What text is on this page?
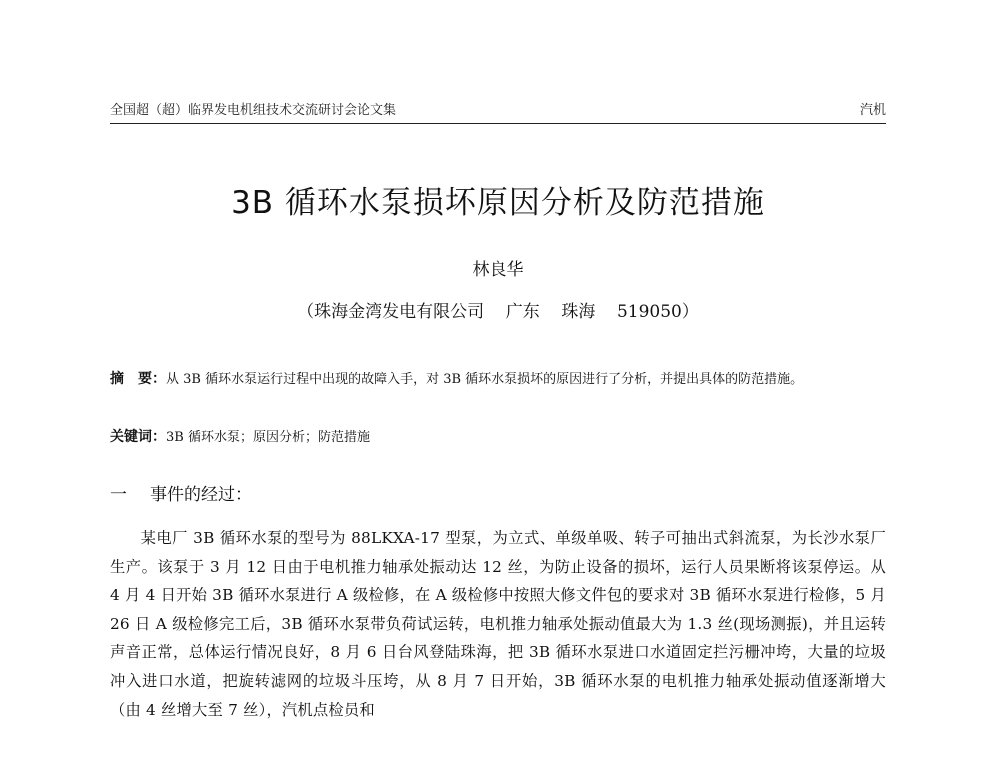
全国超（超）临界发电机组技术交流研讨会论文集	汽机
3B 循环水泵损坏原因分析及防范措施
林良华
（珠海金湾发电有限公司    广东    珠海    519050）
摘　要：从 3B 循环水泵运行过程中出现的故障入手，对 3B 循环水泵损坏的原因进行了分析，并提出具体的防范措施。
关键词：3B 循环水泵；原因分析；防范措施
一 事件的经过：
某电厂 3B 循环水泵的型号为 88LKXA-17 型泵，为立式、单级单吸、转子可抽出式斜流泵，为长沙水泵厂生产。该泵于 3 月 12 日由于电机推力轴承处振动达 12 丝，为防止设备的损坏，运行人员果断将该泵停运。从 4 月 4 日开始 3B 循环水泵进行 A 级检修，在 A 级检修中按照大修文件包的要求对 3B 循环水泵进行检修，5 月 26 日 A 级检修完工后，3B 循环水泵带负荷试运转，电机推力轴承处振动值最大为 1.3 丝(现场测振)，并且运转声音正常，总体运行情况良好，8 月 6 日台风登陆珠海，把 3B 循环水泵进口水道固定拦污栅冲垮，大量的垃圾冲入进口水道，把旋转滤网的垃圾斗压垮，从 8 月 7 日开始，3B 循环水泵的电机推力轴承处振动值逐渐增大（由 4 丝增大至 7 丝），汽机点检员和
